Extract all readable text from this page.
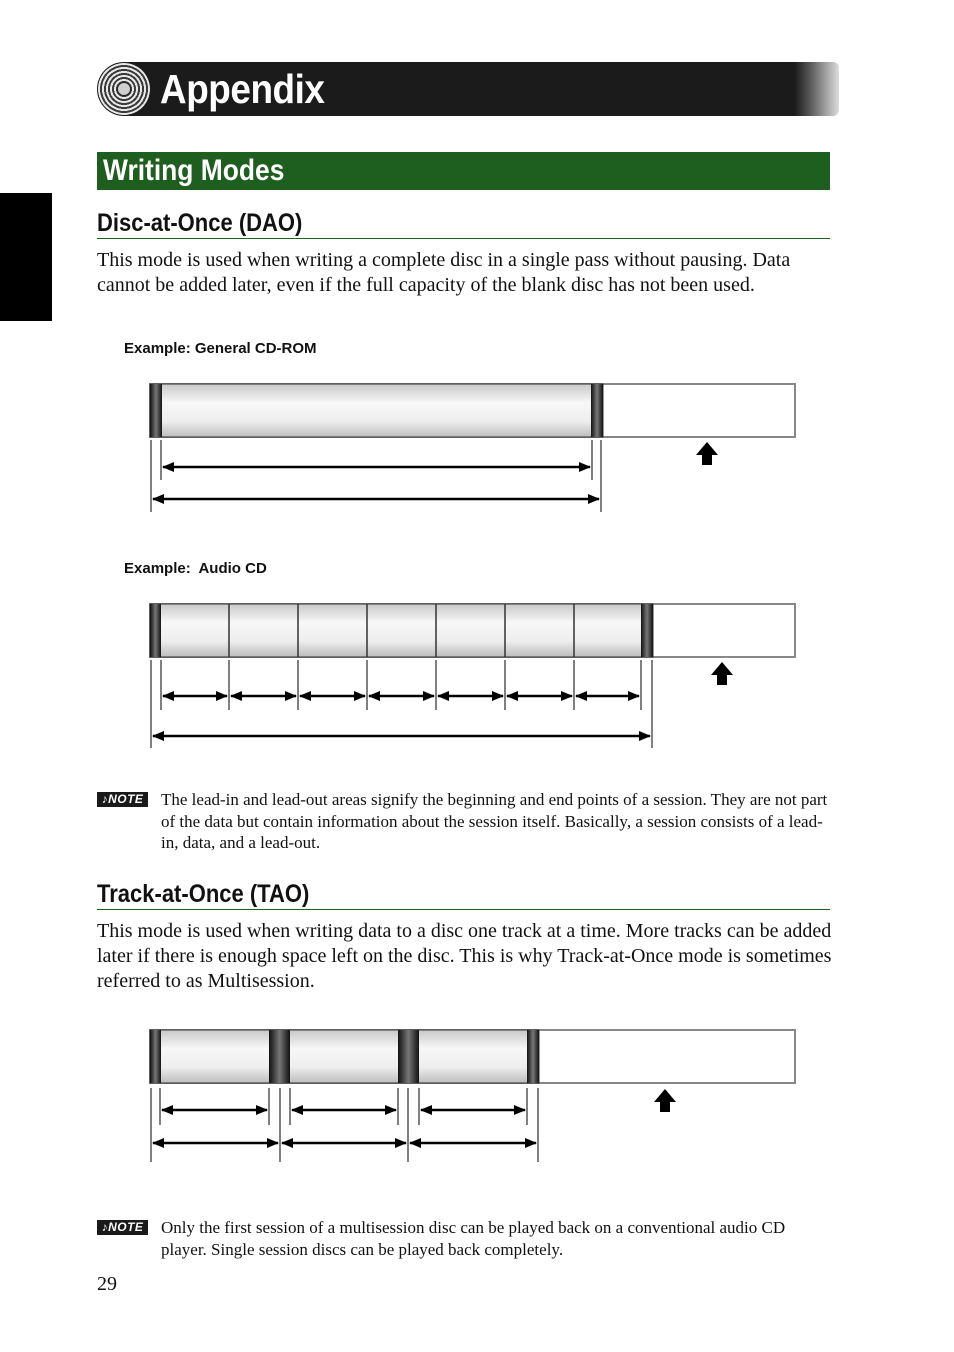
Appendix
Writing Modes
Disc-at-Once (DAO)

This mode is used when writing a complete disc in a single pass without pausing. Data cannot be added later, even if the full capacity of the blank disc has not been used.

Example: General CD-ROM
Example:  Audio CD
♪NOTE The lead-in and lead-out areas signify the beginning and end points of a session. They are not part of the data but contain information about the session itself. Basically, a session consists of a lead-in, data, and a lead-out.

Track-at-Once (TAO)

This mode is used when writing data to a disc one track at a time. More tracks can be added later if there is enough space left on the disc. This is why Track-at-Once mode is sometimes referred to as Multisession.

♪NOTE Only the first session of a multisession disc can be played back on a conventional audio CD player. Single session discs can be played back completely.

29
